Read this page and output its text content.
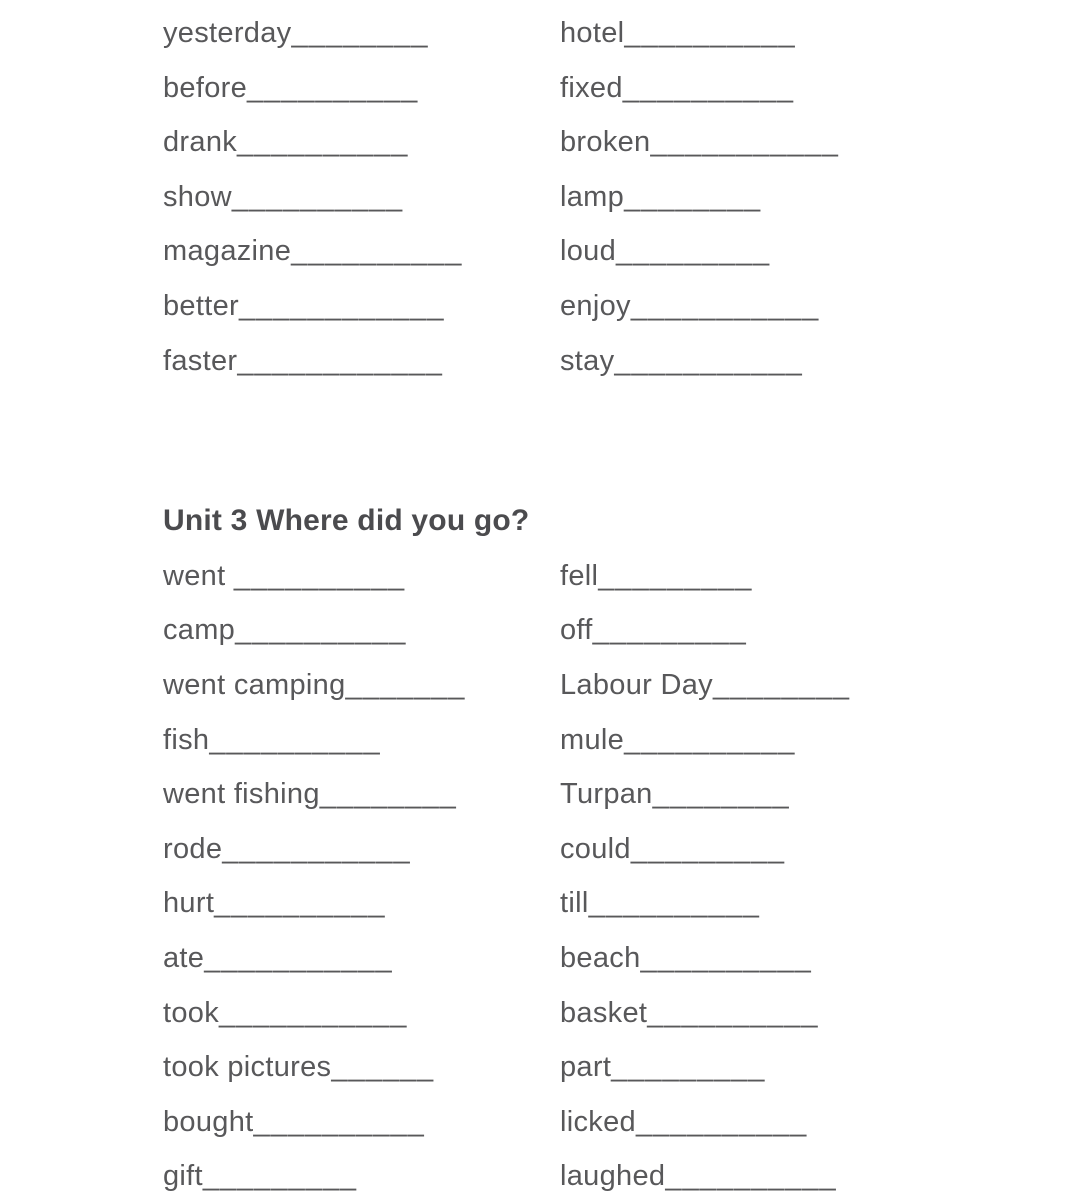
yesterday________	hotel__________
before__________	fixed__________
drank__________	broken___________
show__________	lamp________
magazine__________	loud_________
better____________	enjoy___________
faster____________	stay___________
Unit 3 Where did you go?
went __________	fell_________
camp__________	off_________
went camping_______	Labour Day________
fish__________	mule__________
went fishing________	Turpan________
rode___________	could_________
hurt__________	till__________
ate___________	beach__________
took___________	basket__________
took pictures______	part_________
bought__________	licked__________
gift_________	laughed__________
